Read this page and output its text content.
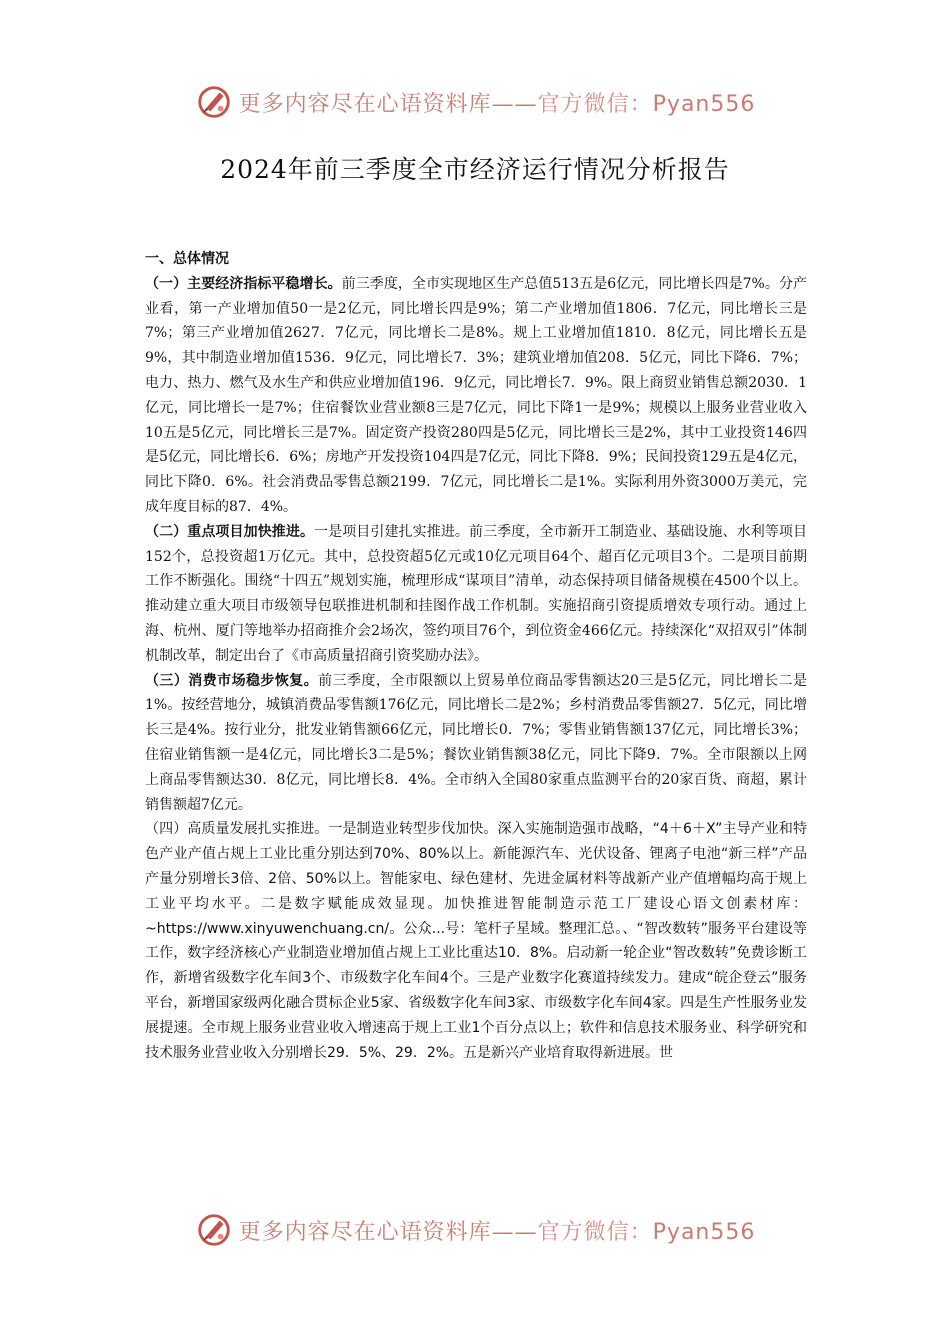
更多内容尽在心语资料库——官方微信：Pyan556
2024年前三季度全市经济运行情况分析报告

一、总体情况

（一）主要经济指标平稳增长。前三季度，全市实现地区生产总值513五是6亿元，同比增长四是7%。分产业看，第一产业增加值50一是2亿元，同比增长四是9%；第二产业增加值1806．7亿元，同比增长三是7%；第三产业增加值2627．7亿元，同比增长二是8%。规上工业增加值1810．8亿元，同比增长五是9%，其中制造业增加值1536．9亿元，同比增长7．3%；建筑业增加值208．5亿元，同比下降6．7%；电力、热力、燃气及水生产和供应业增加值196．9亿元，同比增长7．9%。限上商贸业销售总额2030．1亿元，同比增长一是7%；住宿餐饮业营业额8三是7亿元，同比下降1一是9%；规模以上服务业营业收入10五是5亿元，同比增长三是7%。固定资产投资280四是5亿元，同比增长三是2%，其中工业投资146四是5亿元，同比增长6．6%；房地产开发投资104四是7亿元，同比下降8．9%；民间投资129五是4亿元，同比下降0．6%。社会消费品零售总额2199．7亿元，同比增长二是1%。实际利用外资3000万美元，完成年度目标的87．4%。

（二）重点项目加快推进。一是项目引建扎实推进。前三季度，全市新开工制造业、基础设施、水利等项目152个，总投资超1万亿元。其中，总投资超5亿元或10亿元项目64个、超百亿元项目3个。二是项目前期工作不断强化。围绕“十四五”规划实施，梳理形成“谋项目”清单，动态保持项目储备规模在4500个以上。推动建立重大项目市级领导包联推进机制和挂图作战工作机制。实施招商引资提质增效专项行动。通过上海、杭州、厦门等地举办招商推介会2场次，签约项目76个，到位资金466亿元。持续深化“双招双引”体制机制改革，制定出台了《市高质量招商引资奖励办法》。

（三）消费市场稳步恢复。前三季度，全市限额以上贸易单位商品零售额达20三是5亿元，同比增长二是1%。按经营地分，城镇消费品零售额176亿元，同比增长二是2%；乡村消费品零售额27．5亿元，同比增长三是4%。按行业分，批发业销售额66亿元，同比增长0．7%；零售业销售额137亿元，同比增长3%；住宿业销售额一是4亿元，同比增长3二是5%；餐饮业销售额38亿元，同比下降9．7%。全市限额以上网上商品零售额达30．8亿元，同比增长8．4%。全市纳入全国80家重点监测平台的20家百货、商超，累计销售额超7亿元。

（四）高质量发展扎实推进。一是制造业转型步伐加快。深入实施制造强市战略，“4＋6＋X”主导产业和特色产业产值占规上工业比重分别达到70%、80%以上。新能源汽车、光伏设备、锂离子电池“新三样”产品产量分别增长3倍、2倍、50%以上。智能家电、绿色建材、先进金属材料等战新产业产值增幅均高于规上工业平均水平。二是数字赋能成效显现。加快推进智能制造示范工厂建设心语文创素材库：~https://www.xinyuwenchuang.cn/。公众...号：笔杆子星域。整理汇总。、“智改数转”服务平台建设等工作，数字经济核心产业制造业增加值占规上工业比重达10．8%。启动新一轮企业“智改数转”免费诊断工作，新增省级数字化车间3个、市级数字化车间4个。三是产业数字化赛道持续发力。建成“皖企登云”服务平台，新增国家级两化融合贯标企业5家、省级数字化车间3家、市级数字化车间4家。四是生产性服务业发展提速。全市规上服务业营业收入增速高于规上工业1个百分点以上；软件和信息技术服务业、科学研究和技术服务业营业收入分别增长29．5%、29．2%。五是新兴产业培育取得新进展。世

更多内容尽在心语资料库——官方微信：Pyan556
